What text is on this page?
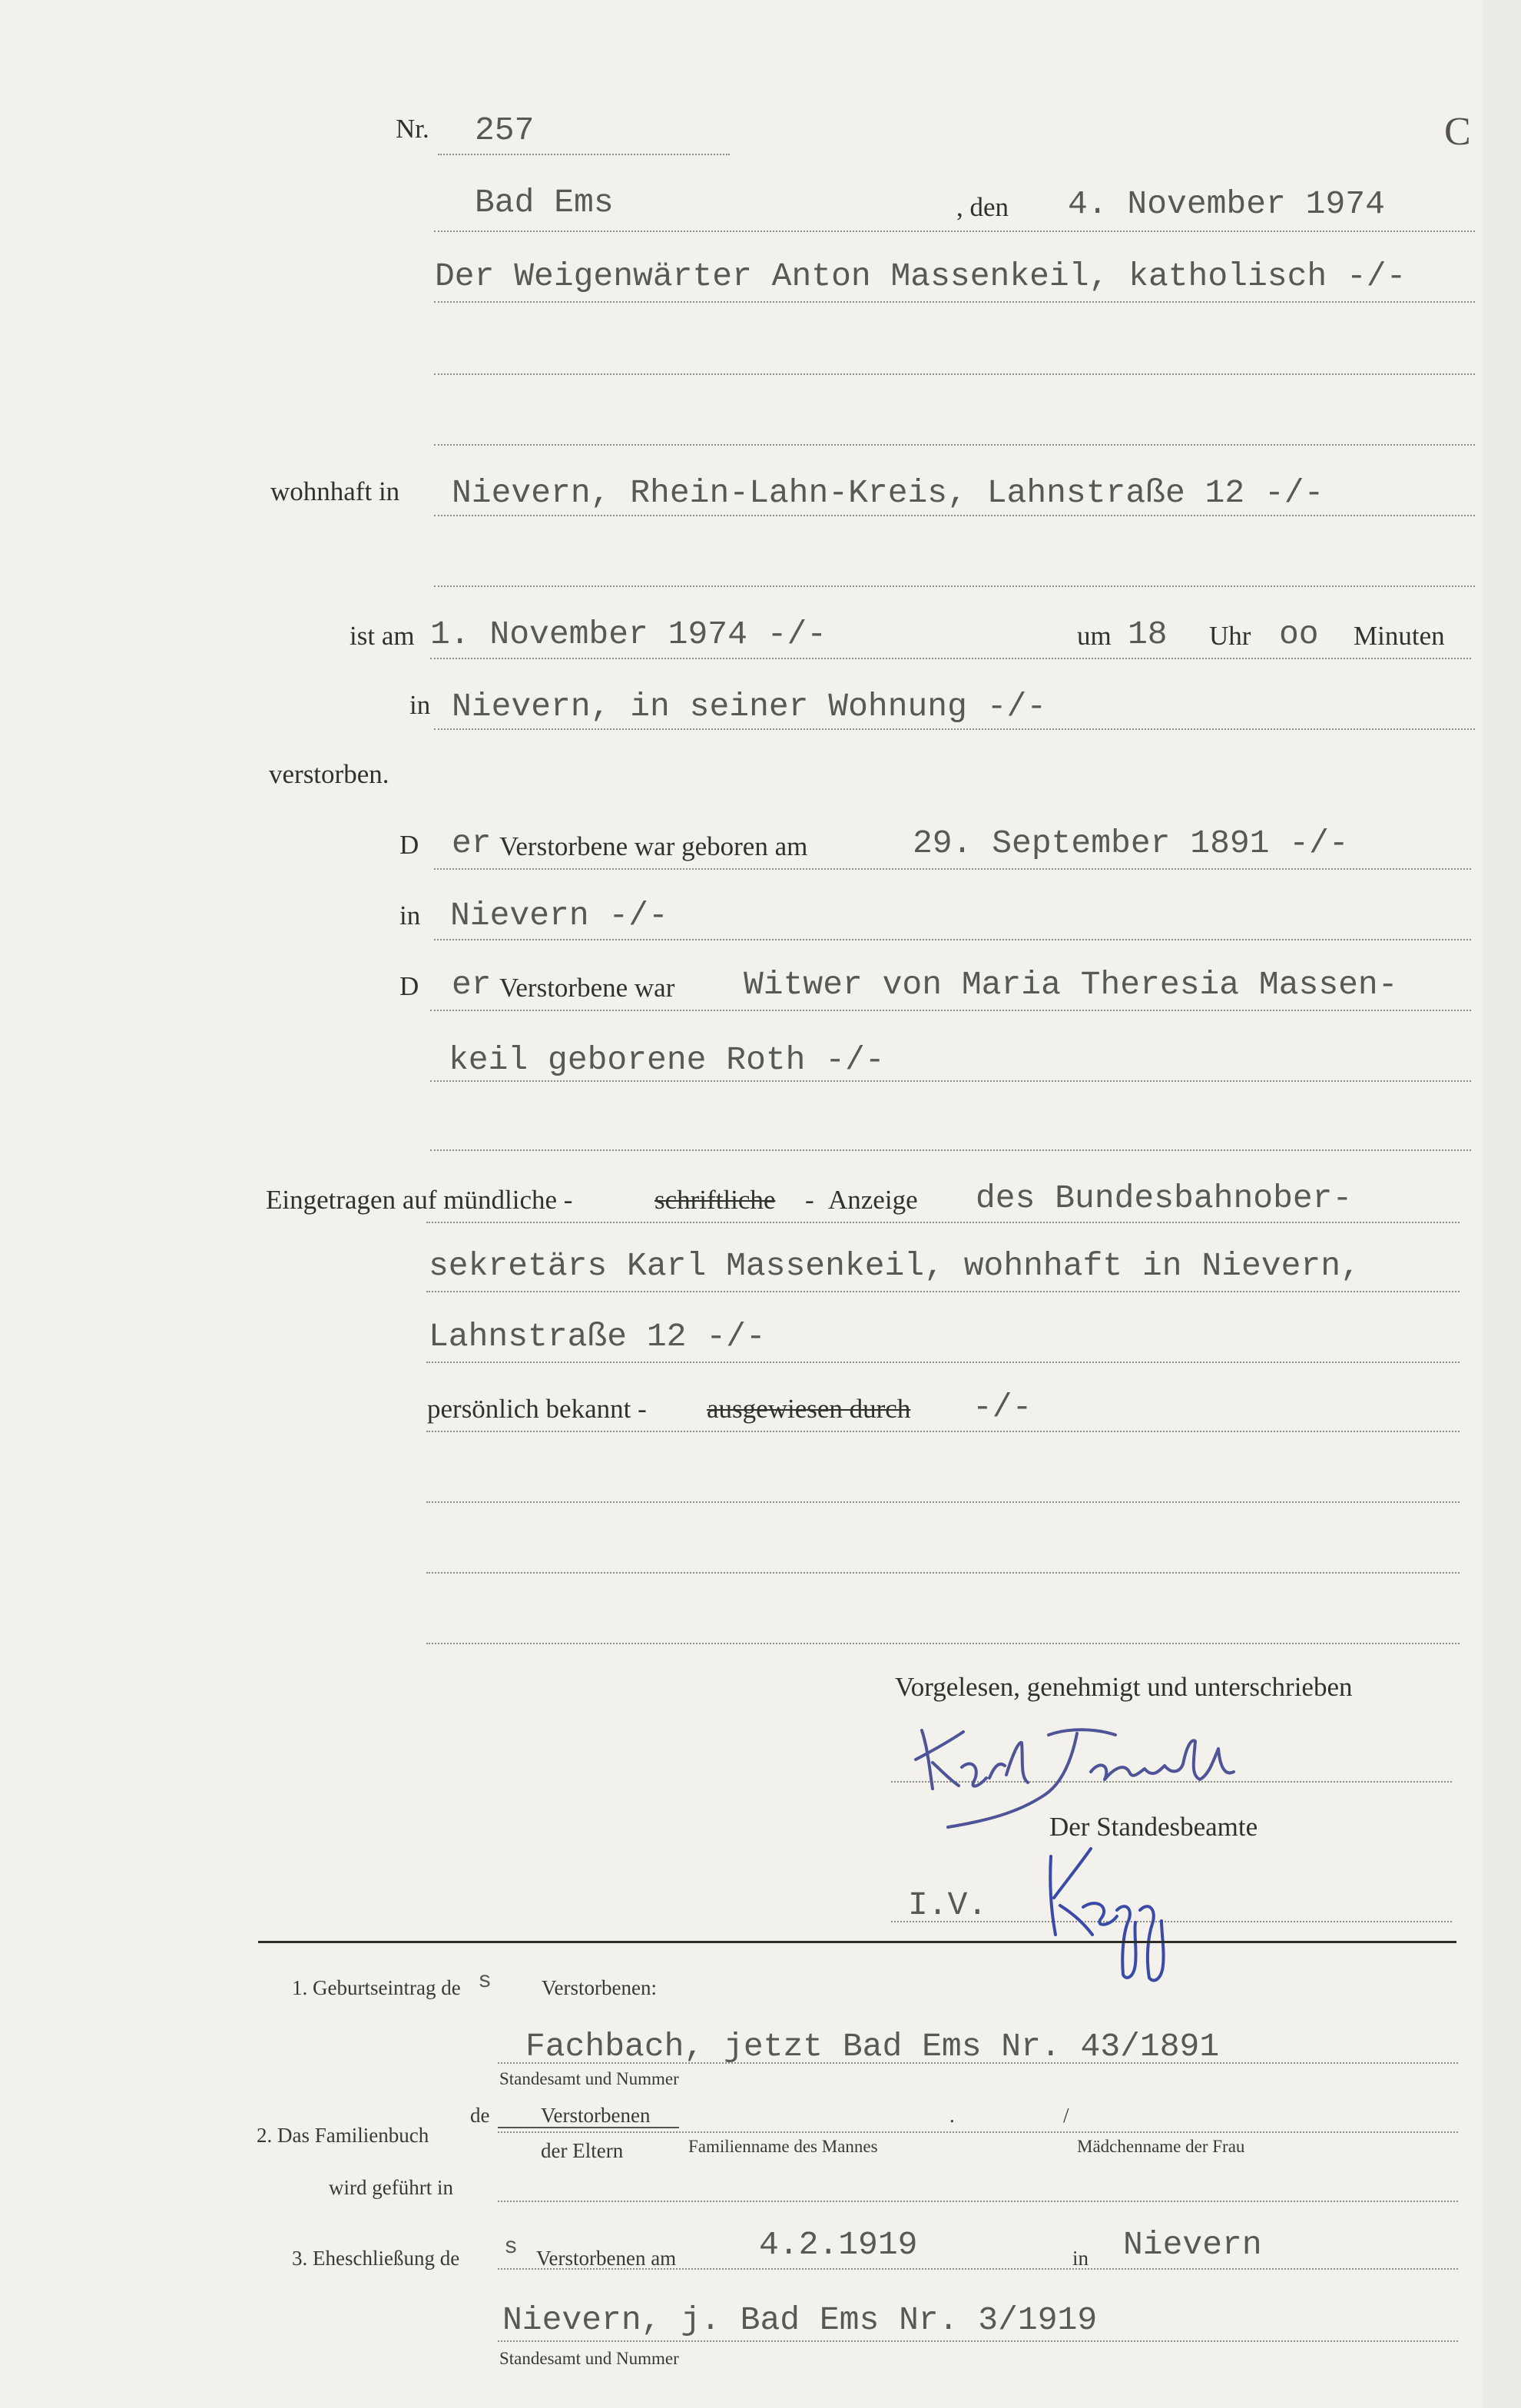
Nr. 257	C
Bad Ems	, den 4. November 1974
Der Weigenwärter Anton Massenkeil, katholisch -/-
wohnhaft in Nievern, Rhein-Lahn-Kreis, Lahnstraße 12 -/-
ist am 1. November 1974 -/-	um 18 Uhr oo Minuten
in Nievern, in seiner Wohnung -/-
verstorben.
D er Verstorbene war geboren am	29. September 1891 -/-
in Nievern -/-
D er Verstorbene war Witwer von Maria Theresia Massen-
keil geborene Roth -/-
Eingetragen auf mündliche -	schriftliche - Anzeige des Bundesbahnober-
sekretärs Karl Massenkeil, wohnhaft in Nievern,
Lahnstraße 12 -/-
persönlich bekannt - ausgewiesen durch -/-
Vorgelesen, genehmigt und unterschrieben
Der Standesbeamte
I.V.
1. Geburtseintrag de s Verstorbenen:
Fachbach, jetzt Bad Ems Nr. 43/1891
Standesamt und Nummer
2. Das Familienbuch
de Verstorbenen	.	/
der Eltern	Familienname des Mannes	Mädchenname der Frau
wird geführt in
3. Eheschließung de s Verstorbenen am	4.2.1919	in Nievern
Nievern, j. Bad Ems Nr. 3/1919
Standesamt und Nummer
